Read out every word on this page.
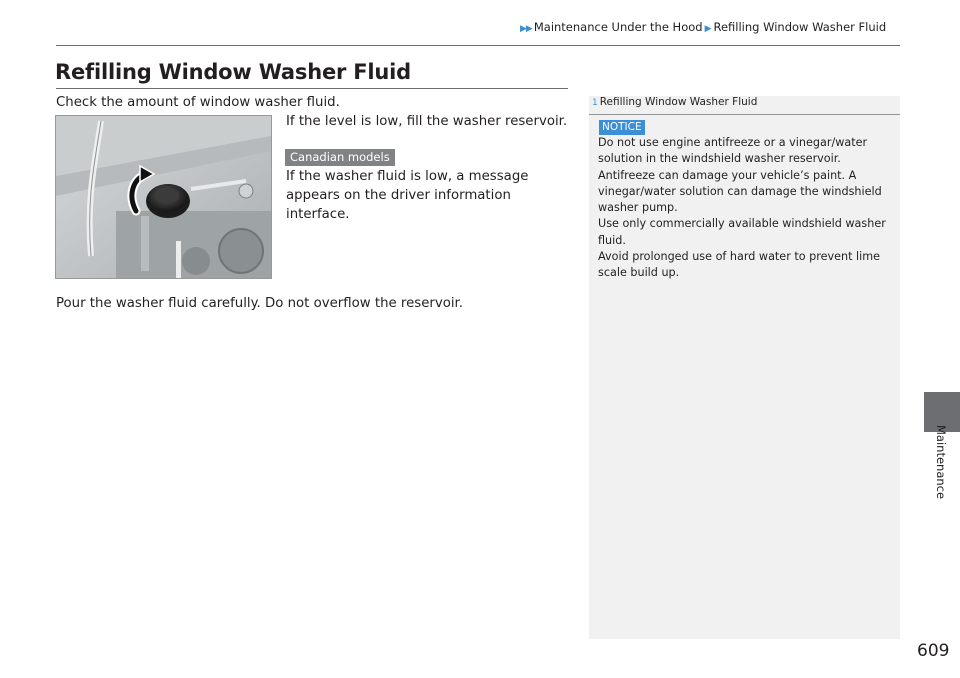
▶▶ Maintenance Under the Hood ▶ Refilling Window Washer Fluid
Refilling Window Washer Fluid
Check the amount of window washer fluid.
If the level is low, fill the washer reservoir.
Canadian models
If the washer fluid is low, a message appears on the driver information interface.
Pour the washer fluid carefully. Do not overflow the reservoir.
1 Refilling Window Washer Fluid
NOTICE

Do not use engine antifreeze or a vinegar/water solution in the windshield washer reservoir.

Antifreeze can damage your vehicle’s paint. A vinegar/water solution can damage the windshield washer pump.

Use only commercially available windshield washer fluid.

Avoid prolonged use of hard water to prevent lime scale build up.

Maintenance
609
